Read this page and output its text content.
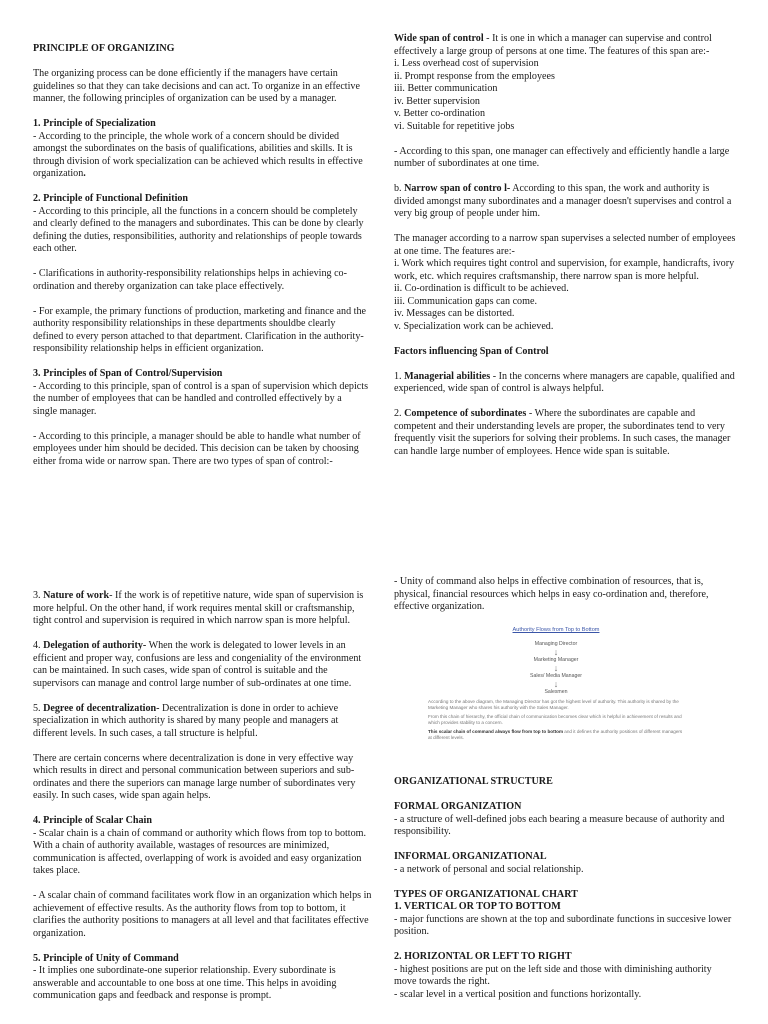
PRINCIPLE OF ORGANIZING

The organizing process can be done efficiently if the managers have certain guidelines so that they can take decisions and can act. To organize in an effective manner, the following principles of organization can be used by a manager.

1. Principle of Specialization

- According to the principle, the whole work of a concern should be divided amongst the subordinates on the basis of qualifications, abilities and skills. It is through division of work specialization can be achieved which results in effective organization.

2. Principle of Functional Definition

- According to this principle, all the functions in a concern should be completely and clearly defined to the managers and subordinates. This can be done by clearly defining the duties, responsibilities, authority and relationships of people towards each other.

- Clarifications in authority-responsibility relationships helps in achieving co-ordination and thereby organization can take place effectively.

- For example, the primary functions of production, marketing and finance and the authority responsibility relationships in these departments shouldbe clearly defined to every person attached to that department. Clarification in the authority-responsibility relationship helps in efficient organization.

3. Principles of Span of Control/Supervision

- According to this principle, span of control is a span of supervision which depicts the number of employees that can be handled and controlled effectively by a single manager.

- According to this principle, a manager should be able to handle what number of employees under him should be decided. This decision can be taken by choosing either froma wide or narrow span. There are two types of span of control:-

Wide span of control - It is one in which a manager can supervise and control effectively a large group of persons at one time. The features of this span are:-

i. Less overhead cost of supervision
ii. Prompt response from the employees
iii. Better communication
iv. Better supervision
v. Better co-ordination
vi. Suitable for repetitive jobs

- According to this span, one manager can effectively and efficiently handle a large number of subordinates at one time.

b. Narrow span of contro l- According to this span, the work and authority is divided amongst many subordinates and a manager doesn't supervises and control a very big group of people under him.

The manager according to a narrow span supervises a selected number of employees at one time. The features are:-

i. Work which requires tight control and supervision, for example, handicrafts, ivory work, etc. which requires craftsmanship, there narrow span is more helpful.
ii. Co-ordination is difficult to be achieved.
iii. Communication gaps can come.
iv. Messages can be distorted.
v. Specialization work can be achieved.

Factors influencing Span of Control

1. Managerial abilities - In the concerns where managers are capable, qualified and experienced, wide span of control is always helpful.

2. Competence of subordinates - Where the subordinates are capable and competent and their understanding levels are proper, the subordinates tend to very frequently visit the superiors for solving their problems. In such cases, the manager can handle large number of employees. Hence wide span is suitable.

3. Nature of work- If the work is of repetitive nature, wide span of supervision is more helpful. On the other hand, if work requires mental skill or craftsmanship, tight control and supervision is required in which narrow span is more helpful.

4. Delegation of authority- When the work is delegated to lower levels in an efficient and proper way, confusions are less and congeniality of the environment can be maintained. In such cases, wide span of control is suitable and the supervisors can manage and control large number of sub-ordinates at one time.

5. Degree of decentralization- Decentralization is done in order to achieve specialization in which authority is shared by many people and managers at different levels. In such cases, a tall structure is helpful.

There are certain concerns where decentralization is done in very effective way which results in direct and personal communication between superiors and sub- ordinates and there the superiors can manage large number of subordinates very easily. In such cases, wide span again helps.

4. Principle of Scalar Chain

- Scalar chain is a chain of command or authority which flows from top to bottom. With a chain of authority available, wastages of resources are minimized, communication is affected, overlapping of work is avoided and easy organization takes place.

- A scalar chain of command facilitates work flow in an organization which helps in achievement of effective results. As the authority flows from top to bottom, it clarifies the authority positions to managers at all level and that facilitates effective organization.

5. Principle of Unity of Command

- It implies one subordinate-one superior relationship. Every subordinate is answerable and accountable to one boss at one time. This helps in avoiding communication gaps and feedback and response is prompt.

- Unity of command also helps in effective combination of resources, that is, physical, financial resources which helps in easy co-ordination and, therefore, effective organization.

Authority Flows from Top to Bottom
Managing Director
↓
Marketing Manager
↓
Sales/ Media Manager
↓
Salesmen
According to the above diagram, the Managing Director has got the highest level of authority. This authority is shared by the Marketing Manager who shares his authority with the Sales Manager.
From this chain of hierarchy, the official chain of communication becomes clear which is helpful in achievement of results and which provides stability to a concern.
This scalar chain of command always flow from top to bottom and it defines the authority positions of different managers at different levels.

ORGANIZATIONAL STRUCTURE

FORMAL ORGANIZATION

- a structure of well-defined jobs each bearing a measure because of authority and responsibility.

INFORMAL ORGANIZATIONAL

- a network of personal and social relationship.

TYPES OF ORGANIZATIONAL CHART

1. VERTICAL OR TOP TO BOTTOM

- major functions are shown at the top and subordinate functions in succesive lower position.

2. HORIZONTAL OR LEFT TO RIGHT

- highest positions are put on the left side and those with diminishing authority move towards the right.

- scalar level in a vertical position and functions horizontally.
